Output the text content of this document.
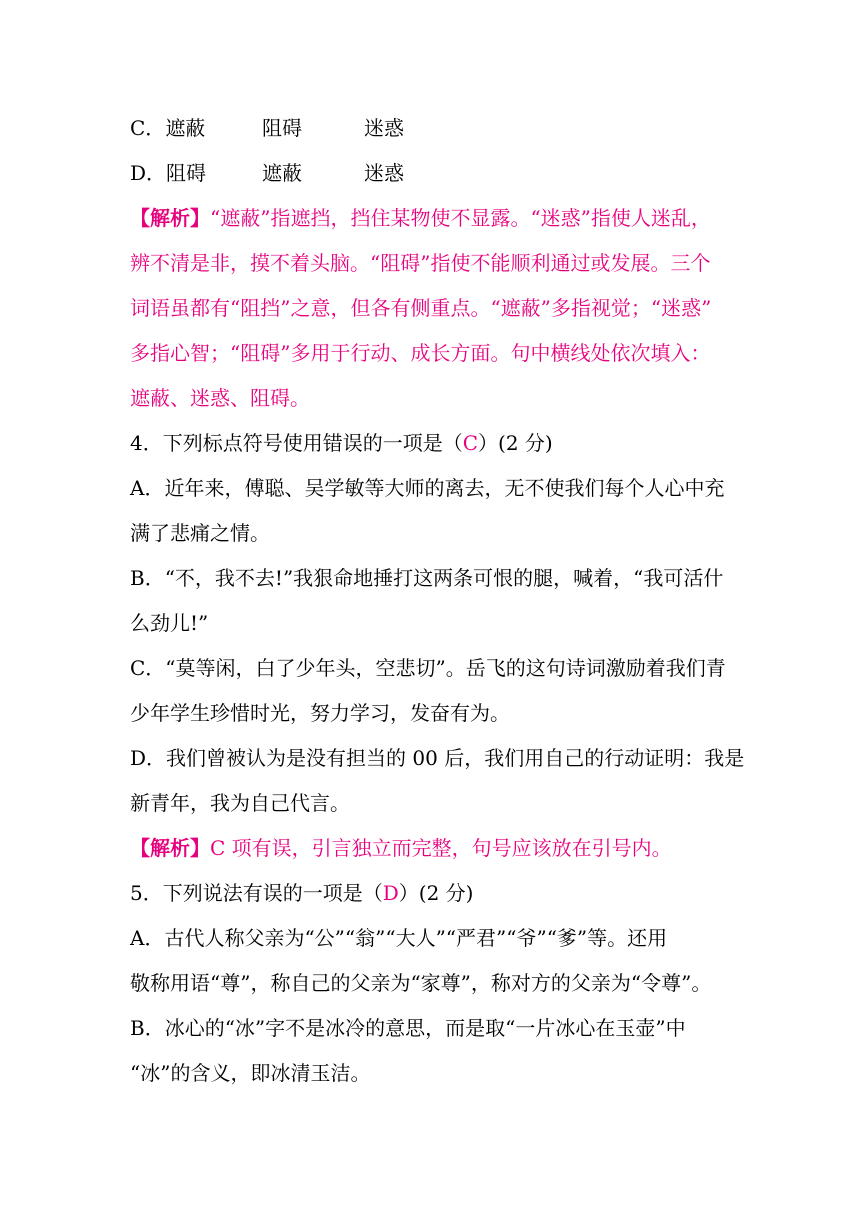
C．遮蔽	阻碍	迷惑
D．阻碍	遮蔽	迷惑
【解析】“遮蔽”指遮挡，挡住某物使不显露。“迷惑”指使人迷乱，
辨不清是非，摸不着头脑。“阻碍”指使不能顺利通过或发展。三个
词语虽都有“阻挡”之意，但各有侧重点。“遮蔽”多指视觉；“迷惑”
多指心智；“阻碍”多用于行动、成长方面。句中横线处依次填入：
遮蔽、迷惑、阻碍。
4．下列标点符号使用错误的一项是（C）(2 分)
A．近年来，傅聪、吴学敏等大师的离去，无不使我们每个人心中充
满了悲痛之情。
B．“不，我不去!”我狠命地捶打这两条可恨的腿，喊着，“我可活什
么劲儿!”
C．“莫等闲，白了少年头，空悲切”。岳飞的这句诗词激励着我们青
少年学生珍惜时光，努力学习，发奋有为。
D．我们曾被认为是没有担当的 00 后，我们用自己的行动证明：我是
新青年，我为自己代言。
【解析】C 项有误，引言独立而完整，句号应该放在引号内。
5．下列说法有误的一项是（D）(2 分)
A．古代人称父亲为“公”“翁”“大人”“严君”“爷”“爹”等。还用
敬称用语“尊”，称自己的父亲为“家尊”，称对方的父亲为“令尊”。
B．冰心的“冰”字不是冰冷的意思，而是取“一片冰心在玉壶”中
“冰”的含义，即冰清玉洁。
